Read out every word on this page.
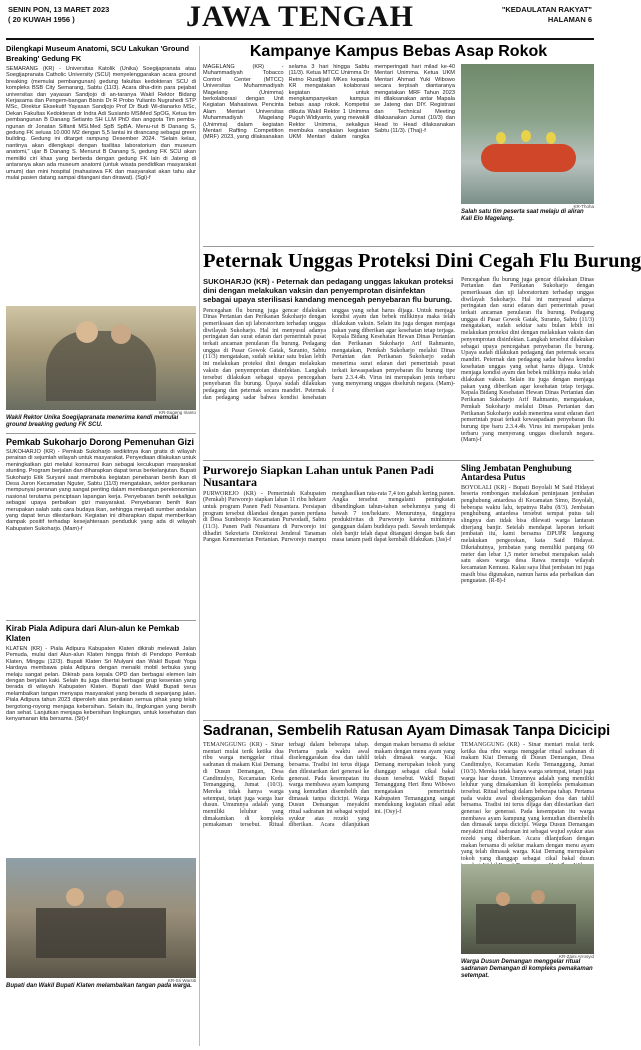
SENIN PON, 13 MARET 2023
( 20 KUWAH 1956 )	JAWA TENGAH	"KEDAULATAN RAKYAT"
HALAMAN 6
Dilengkapi Museum Anatomi, SCU Lakukan 'Ground Breaking' Gedung FK
SEMARANG (KR) - Universitas Katolik (Unika) Soegijapranata atau Soegijapranata Catholic University (SCU) menyelenggarakan acara ground breaking (memulai pembangunan) gedung fakultas kedokteran SCU di kompleks BSB City Semarang, Sabtu (11/3). Acara diha-dirin para pejabat universitas dan yayasan Sandjojo di an-taranya Wakil Rektor Bidang Kerjasama dan Pengem-bangan Bisnis Dr R Probo Yulianto Nugrahedi STP MSc, Direktur Eksekutif Yayasan Sandjojo Prof Dr Budi Wi-dianarko MSc, Dekan Fakultas Kedokteran dr Indra Adi Susianto MSiMed SpOG, Ketua tim pembangunan B Danang Setianto SH LLM PhD dan anggota Tim pemba-ngunan dr Jonatan Silfanti MSi.Med SpB SpBA. Menu-rut B Danang S, gedung FK seluas 10.000 M2 dengan 5,5 lantai ini dirancang sebagai green building. Gedung ini ditarget rampung Desember 2024. "Selain kelas, nantinya akan dilengkapi dengan fasilitas laboratorium dan museum anatomi," ujar B Danang S. Menurut B Danang S, gedung FK SCU akan memiliki ciri khas yang berbeda dengan gedung FK lain di Jateng di antaranya akan ada museum anatomi (untuk wisata pendidikan masyarakat umum) dan mini hospital (mahasiswa FK dan masyarakat akan tahu alur mulai pasien datang sampai ditangani dan dirawat). (Sgi)-f
KR-Sugeng Irianto
Wakil Rektor Unika Soegijapranata menerima kendi memulai ground breaking gedung FK SCU.
Pemkab Sukoharjo Dorong Pemenuhan Gizi
SUKOHARJO (KR) - Pemkab Sukoharjo sedikitnya ikan gratis di wilayah perairan di sejumlah wilayah untuk masyarakat. Penyediaan dilakukan untuk meningkatkan gizi melalui konsumsi ikan sebagai kecukupan masyarakat stunting. Program berjalan dan diharapkan dapat terus berkelanjutan. Bupati Sukoharjo Etik Suryani saat membuka kegiatan penebaran benih ikan di Desa Juron Kecamatan Nguter, Sabtu (11/3) mengatakan, sektor perikanan mempunyai peranan yang sangat penting dalam membangun perekonomian nasional terutama penciptaan lapangan kerja. Penyebaran benih sekaligus sebagai upaya perbaikan gizi masyarakat. Penyebaran benih ikan merupakan salah satu cara budaya ikan, sehingga menjadi sumber andalan yang dapat terus dilestarikan. Kegiatan ini diharapkan dapat memberikan dampak positif terhadap kesejahteraan penduduk yang ada di wilayah Kabupaten Sukoharjo. (Mam)-f
Kirab Piala Adipura dari Alun-alun ke Pemkab Klaten
KLATEN (KR) - Piala Adipura Kabupaten Klaten dikirab melewati Jalan Pemuda, mulai dari Alun-alun Klaten hingga finish di Pendopo Pemkab Klaten, Minggu (12/3). Bupati Klaten Sri Mulyani dan Wakil Bupati Yoga Hardaya membawa piala Adipura dengan menaiki mobil terbuka yang melaju sangat pelan. Dikirab para kepala OPD dan berbagai elemen lain dengan berjalan kaki. Selain itu juga disertai berbagai grup kesenian yang berada di wilayah Kabupaten Klaten. Bupati dan Wakil Bupati terus melambaikan tangan menyapa masyarakat yang berada di sepanjang jalan. Piala Adipura tahun 2023 diperoleh atas penilaian semua pihak yang telah bergotong-royong menjaga kebersihan. Selain itu, lingkungan yang bersih dan sehat. Lanjutkan menjaga kebersihan lingkungan, untuk kesehatan dan kenyamanan kita bersama. (Sit)-f
KR-Sri Warsiti
Bupati dan Wakil Bupati Klaten melambaikan tangan pada warga.
Kampanye Kampus Bebas Asap Rokok
MAGELANG (KR) - Muhammadiyah Tobacco Control Center (MTCC) Universitas Muhammadiyah Magelang (Unimma) berkolaborasi dengan Unit Kegiatan Mahasiswa Pencinta Alam Mentari Universitas Muhammadiyah Magelang (Unimma) dalam kegiatan Mentari Rafting Competition (MRF) 2023, yang dilaksanakan selama 3 hari hingga Sabtu (11/3). Ketua MTCC Unimma Dr Retno Rusdjijati MKes kepada KR mengatakan kolaborasi kegiatan untuk mengkampanyekan kampus bebas asap rokok. Kompetisi diikuta Wakil Rektor 1 Unimma Puguh Widiyanto, yang mewakili Rektor Unimma, sekaligus membuka rangkaian kegiatan UKM Mentari dalam rangka memperingati hari milad ke-40 Mentari Unimma. Ketua UKM Mentari Ahmad Yuki Wibowo secara terpisah diantaranya mengatakan MRF Tahun 2023 ini dilaksanakan antar Mapala se Jateng dan DIY. Registrasi dan Technical Meeting dilaksanakan Jumat (10/3) dan Head to Head dilaksanakan Sabtu (11/3). (Thaj)-f
KR-Thoha
Salah satu tim peserta saat melaju di aliran Kali Elo Magelang.
Peternak Unggas Proteksi Dini Cegah Flu Burung
SUKOHARJO (KR) - Peternak dan pedagang unggas lakukan proteksi dini dengan melakukan vaksin dan penyemprotan disinfektan sebagai upaya sterilisasi kandang mencegah penyebaran flu burung.
Pencegahan flu burung juga gencar dilakukan Dinas Pertanian dan Perikanan Sukoharjo dengan pemeriksaan dan uji laboratorium terhadap unggas diwilayah Sukoharjo. Hal ini menyusul adanya peringatan dan surat edaran dari pemerintah pusat terkait ancaman penularan flu burung. Pedagang unggas di Pasar Gowok Gatak, Suranto, Sabtu (11/3) mengatakan, sudah sekitar satu bulan lebih ini melakukan proteksi dini dengan melakukan vaksin dan penyemprotan disinfektan. Langkah tersebut dilakukan sebagai upaya pencegahan penyebaran flu burung. Upaya sudah dilakukan pedagang dan peternak secara mandiri. Peternak dan pedagang sadar bahwa kondisi kesehatan unggas yang sehat harus dijaga. Untuk menjaga kondisi ayam dan bebek milikinya maka telah dilakukan vaksin. Selain itu juga dengan menjaga pakan yang diberikan agar kesehatan tetap terjaga. Kepala Bidang Kesehatan Hewan Dinas Pertanian dan Perikanan Sukoharjo Arif Rahmanto, mengatakan, Pemkab Sukoharjo melalui Dinas Pertanian dan Perikanan Sukoharjo sudah menerima surat edaran dari pemerintah pusat terkait kewaspadaan penyebaran flu burung tipe baru 2.3.4.4b. Virus ini merupakan jenis terbaru yang menyerang unggas diseluruh negara. (Mam)-f
Pencegahan flu burung juga gencar dilakukan Dinas Pertanian dan Perikanan Sukoharjo dengan pemeriksaan dan uji laboratorium terhadap unggas diwilayah Sukoharjo. Hal ini menyusul adanya peringatan dan surat edaran dari pemerintah pusat terkait ancaman penularan flu burung. Pedagang unggas di Pasar Gowok Gatak, Suranto, Sabtu (11/3) mengatakan, sudah sekitar satu bulan lebih ini melakukan proteksi dini dengan melakukan vaksin dan penyemprotan disinfektan. Langkah tersebut dilakukan sebagai upaya pencegahan penyebaran flu burung. Upaya sudah dilakukan pedagang dan peternak secara mandiri. Peternak dan pedagang sadar bahwa kondisi kesehatan unggas yang sehat harus dijaga. Untuk menjaga kondisi ayam dan bebek milikinya maka telah dilakukan vaksin. Selain itu juga dengan menjaga pakan yang diberikan agar kesehatan tetap terjaga. Kepala Bidang Kesehatan Hewan Dinas Pertanian dan Perikanan Sukoharjo Arif Rahmanto, mengatakan, Pemkab Sukoharjo melalui Dinas Pertanian dan Perikanan Sukoharjo sudah menerima surat edaran dari pemerintah pusat terkait kewaspadaan penyebaran flu burung tipe baru 2.3.4.4b. Virus ini merupakan jenis terbaru yang menyerang unggas diseluruh negara. (Mam)-f
Purworejo Siapkan Lahan untuk Panen Padi Nusantara
PURWOREJO (KR) - Pemerintah Kabupaten (Pemkab) Purworejo siapkan lahan 11 ribu hektare untuk program Panen Padi Nusantara. Persiapan program tersebut dilandasi dengan panen perdana di Desa Sumberejo Kecamatan Purwodadi, Sabtu (11/3). Panen Padi Nusantara di Purworejo ini dihadiri Sekretaris Direktorat Jenderal Tanaman Pangan Kementerian Pertanian. Purworejo mampu menghasilkan rata-rata 7,4 ton gabah kering panen. Angka tersebut mengalami peningkatan dibandingkan tahun-tahun sebelumnya yang di bawah 7 ton/hektare. Menurutnya, tingginya produktivitas di Purworejo karena minimnya gangguan dalam budidaya padi. Sawah terdampak oleh banjir telah dapat ditangani dengan baik dan masa tanam padi dapat kembali dilakukan. (Jas)-f
Sling Jembatan Penghubung Antardesa Putus
BOYOLALI (KR) - Bupati Boyolali M Said Hidayat beserta rombongan melakukan peninjauan jembatan penghubung antardesa di Kecamatan Simo, Boyolali, beberapa waktu lalu, tepatnya Rabu (8/3). Jembatan penghubung antardesa tersebut sempat putus tali slingnya dan tidak bisa dilewati warga lantaran diterjang banjir. Setelah mendapat laporan terkait jembatan itu, kami bersama DPUPR langsung melakukan pengecekan, kata Said Hidayat. Diketahuinya, jembatan yang memiliki panjang 60 meter dan lebar 1,5 meter tersebut merupakan salah satu akses warga desa Rawa menuju wilayah kecamatan Kemusu. Kalau saya lihat jembatan ini juga masih bisa digunakan, namun harus ada perbaikan dan penguatan. (R-8)-f
Sadranan, Sembelih Ratusan Ayam Dimasak Tanpa Dicicipi
TEMANGGUNG (KR) - Sinar mentari mulai terik ketika dua ribu warga menggelar ritual sadranan di makam Kiai Demang di Dusun Demangan, Desa Candimulyo, Kecamatan Kedu Temanggung, Jumat (10/3). Mereka tidak hanya warga setempat, tetapi juga warga luar dusun. Umumnya adalah yang memiliki leluhur yang dimakamkan di kompleks pemakaman tersebut. Ritual terbagi dalam beberapa tahap. Pertama pada waktu awal diselenggarakan doa dan tahlil bersama. Tradisi ini terus dijaga dan dilestarikan dari generasi ke generasi. Pada kesempatan itu warga membawa ayam kampung yang kemudian disembelih dan dimasak tanpa dicicipi. Warga Dusun Demangan meyakini ritual sadranan ini sebagai wujud syukur atas rezeki yang diberikan. Acara dilanjutkan dengan makan bersama di sekitar makam dengan menu ayam yang telah dimasak warga. Kiai Demang merupakan tokoh yang dianggap sebagai cikal bakal dusun tersebut. Wakil Bupati Temanggung Heri Ibnu Wibowo mengatakan pemerintah Kabupaten Temanggung sangat mendukung kegiatan ritual adat ini. (Osy)-f
TEMANGGUNG (KR) - Sinar mentari mulai terik ketika dua ribu warga menggelar ritual sadranan di makam Kiai Demang di Dusun Demangan, Desa Candimulyo, Kecamatan Kedu Temanggung, Jumat (10/3). Mereka tidak hanya warga setempat, tetapi juga warga luar dusun. Umumnya adalah yang memiliki leluhur yang dimakamkan di kompleks pemakaman tersebut. Ritual terbagi dalam beberapa tahap. Pertama pada waktu awal diselenggarakan doa dan tahlil bersama. Tradisi ini terus dijaga dan dilestarikan dari generasi ke generasi. Pada kesempatan itu warga membawa ayam kampung yang kemudian disembelih dan dimasak tanpa dicicipi. Warga Dusun Demangan meyakini ritual sadranan ini sebagai wujud syukur atas rezeki yang diberikan. Acara dilanjutkan dengan makan bersama di sekitar makam dengan menu ayam yang telah dimasak warga. Kiai Demang merupakan tokoh yang dianggap sebagai cikal bakal dusun
KR-Zaini Arrosyid
Warga Dusun Demangan menggelar ritual sadranan Demangan di kompleks pemakaman setempat.
